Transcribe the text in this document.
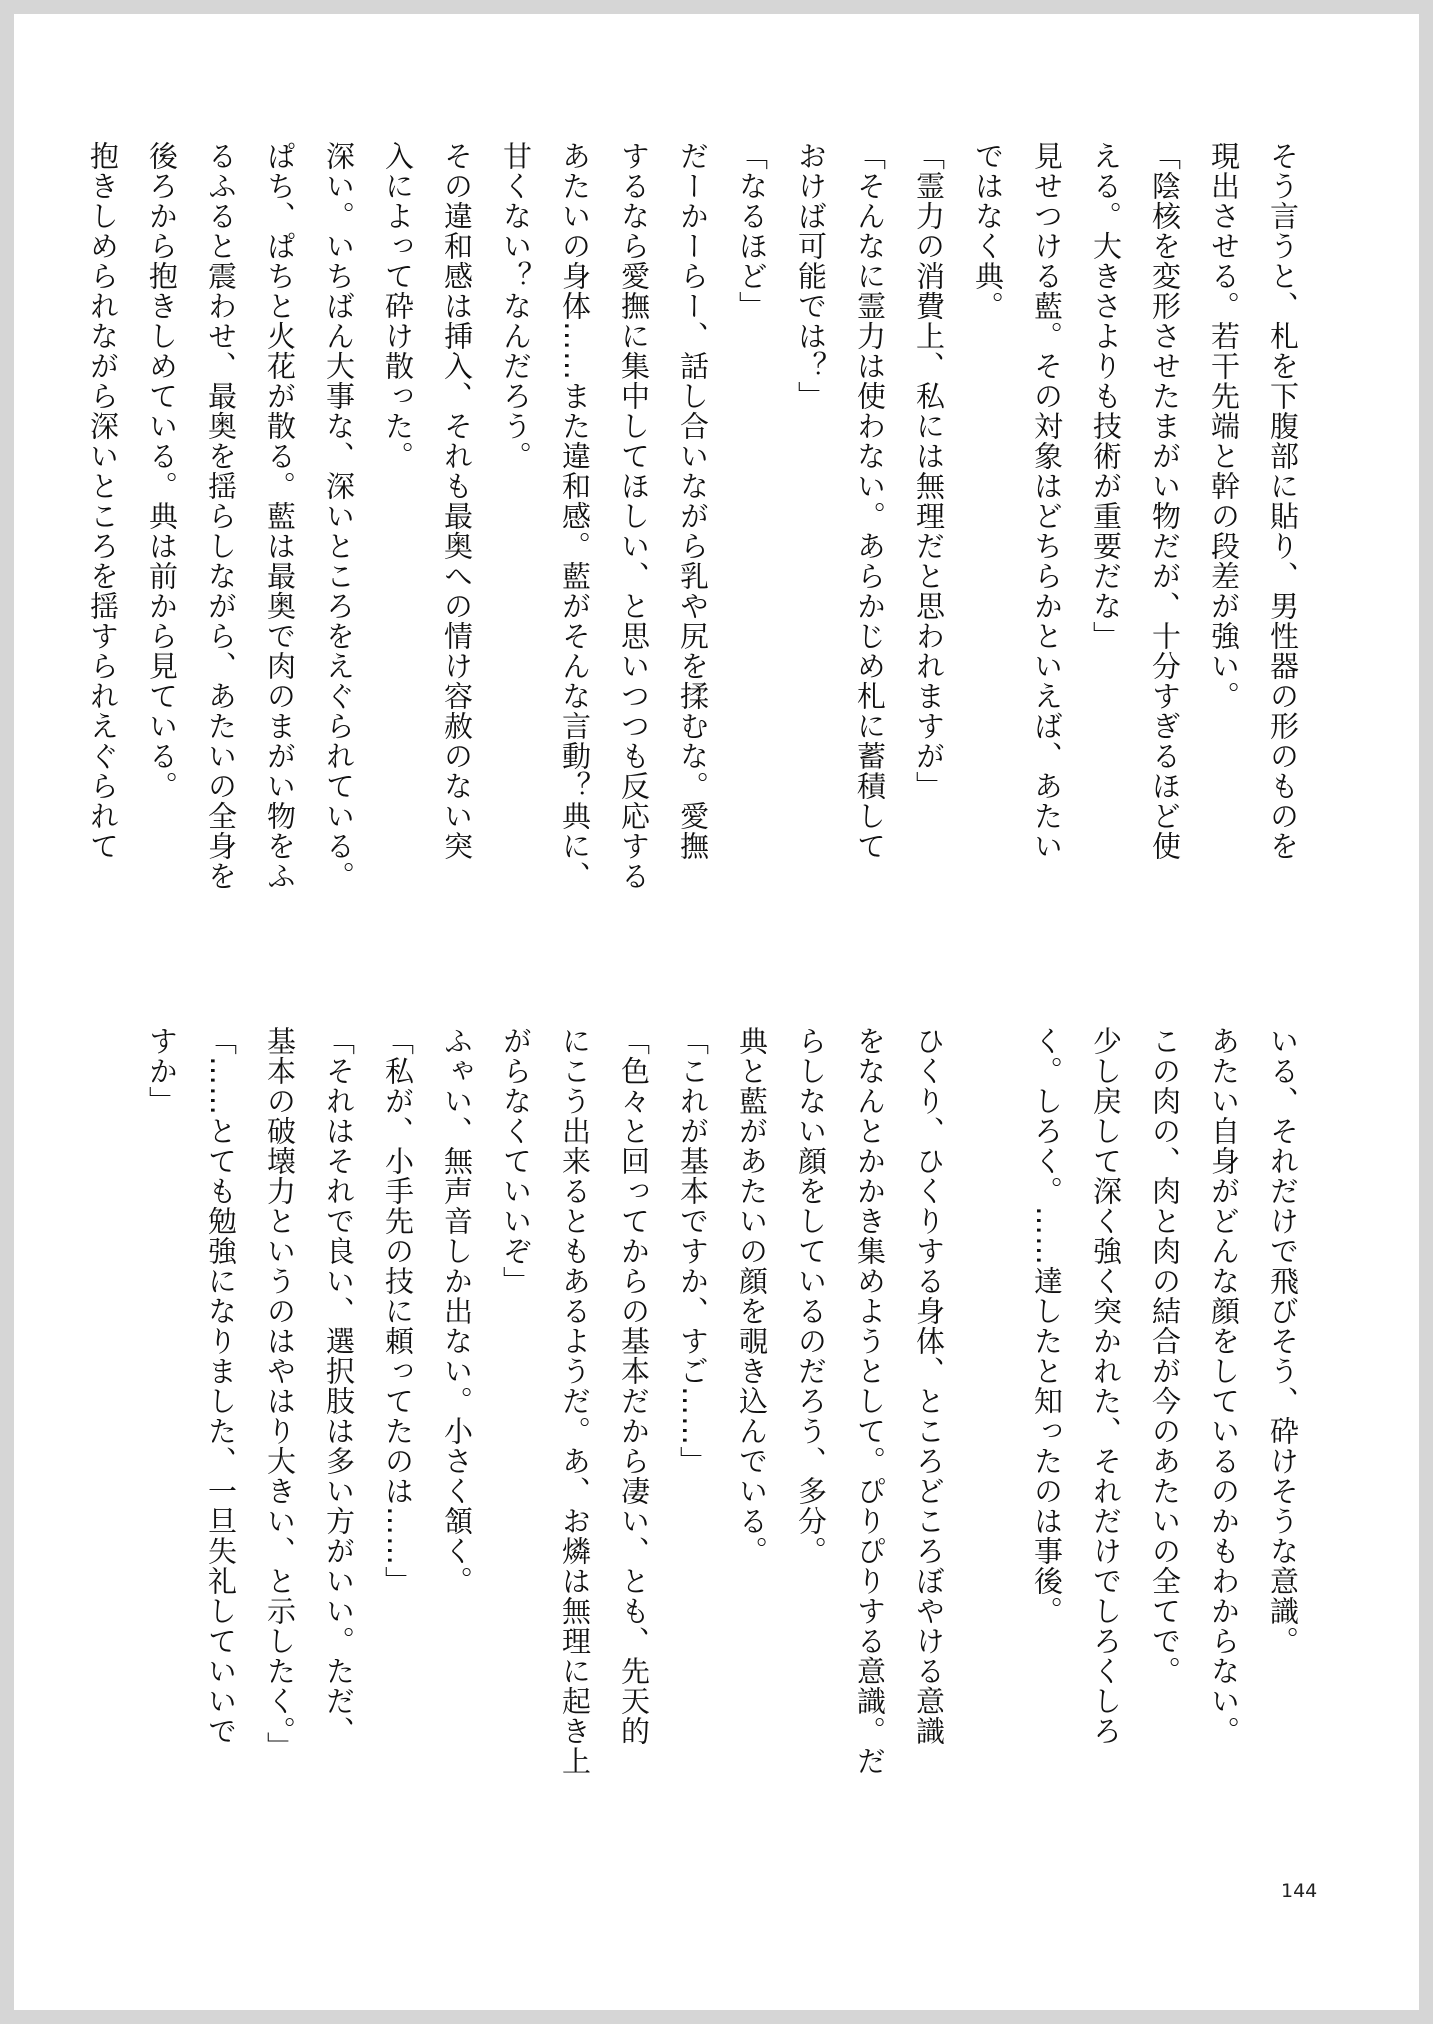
そう言うと、札を下腹部に貼り、男性器の形のものを

現出させる。若干先端と幹の段差が強い。

「陰核を変形させたまがい物だが、十分すぎるほど使

える。大きさよりも技術が重要だな」

見せつける藍。その対象はどちらかといえば、あたい

ではなく典。

「霊力の消費上、私には無理だと思われますが」

「そんなに霊力は使わない。あらかじめ札に蓄積して

おけば可能では？」

「なるほど」

だーかーらー、話し合いながら乳や尻を揉むな。愛撫

するなら愛撫に集中してほしい、と思いつつも反応する

あたいの身体……また違和感。藍がそんな言動？典に、

甘くない？なんだろう。

その違和感は挿入、それも最奥への情け容赦のない突

入によって砕け散った。

深い。いちばん大事な、深いところをえぐられている。

ぱち、ぱちと火花が散る。藍は最奥で肉のまがい物をふ

るふると震わせ、最奥を揺らしながら、あたいの全身を

後ろから抱きしめている。典は前から見ている。

抱きしめられながら深いところを揺すられえぐられて

いる、それだけで飛びそう、砕けそうな意識。

あたい自身がどんな顔をしているのかもわからない。

この肉の、肉と肉の結合が今のあたいの全てで。

少し戻して深く強く突かれた、それだけでしろくしろ

く。しろく。……達したと知ったのは事後。

ひくり、ひくりする身体、ところどころぼやける意識

をなんとかかき集めようとして。ぴりぴりする意識。だ

らしない顔をしているのだろう、多分。

典と藍があたいの顔を覗き込んでいる。

「これが基本ですか、すご……」

「色々と回ってからの基本だから凄い、とも、先天的

にこう出来るともあるようだ。あ、お燐は無理に起き上

がらなくていいぞ」

ふゃい、無声音しか出ない。小さく頷く。

「私が、小手先の技に頼ってたのは……」

「それはそれで良い、選択肢は多い方がいい。ただ、

基本の破壊力というのはやはり大きい、と示したく。」

「……とても勉強になりました、一旦失礼していいで

すか」

144
